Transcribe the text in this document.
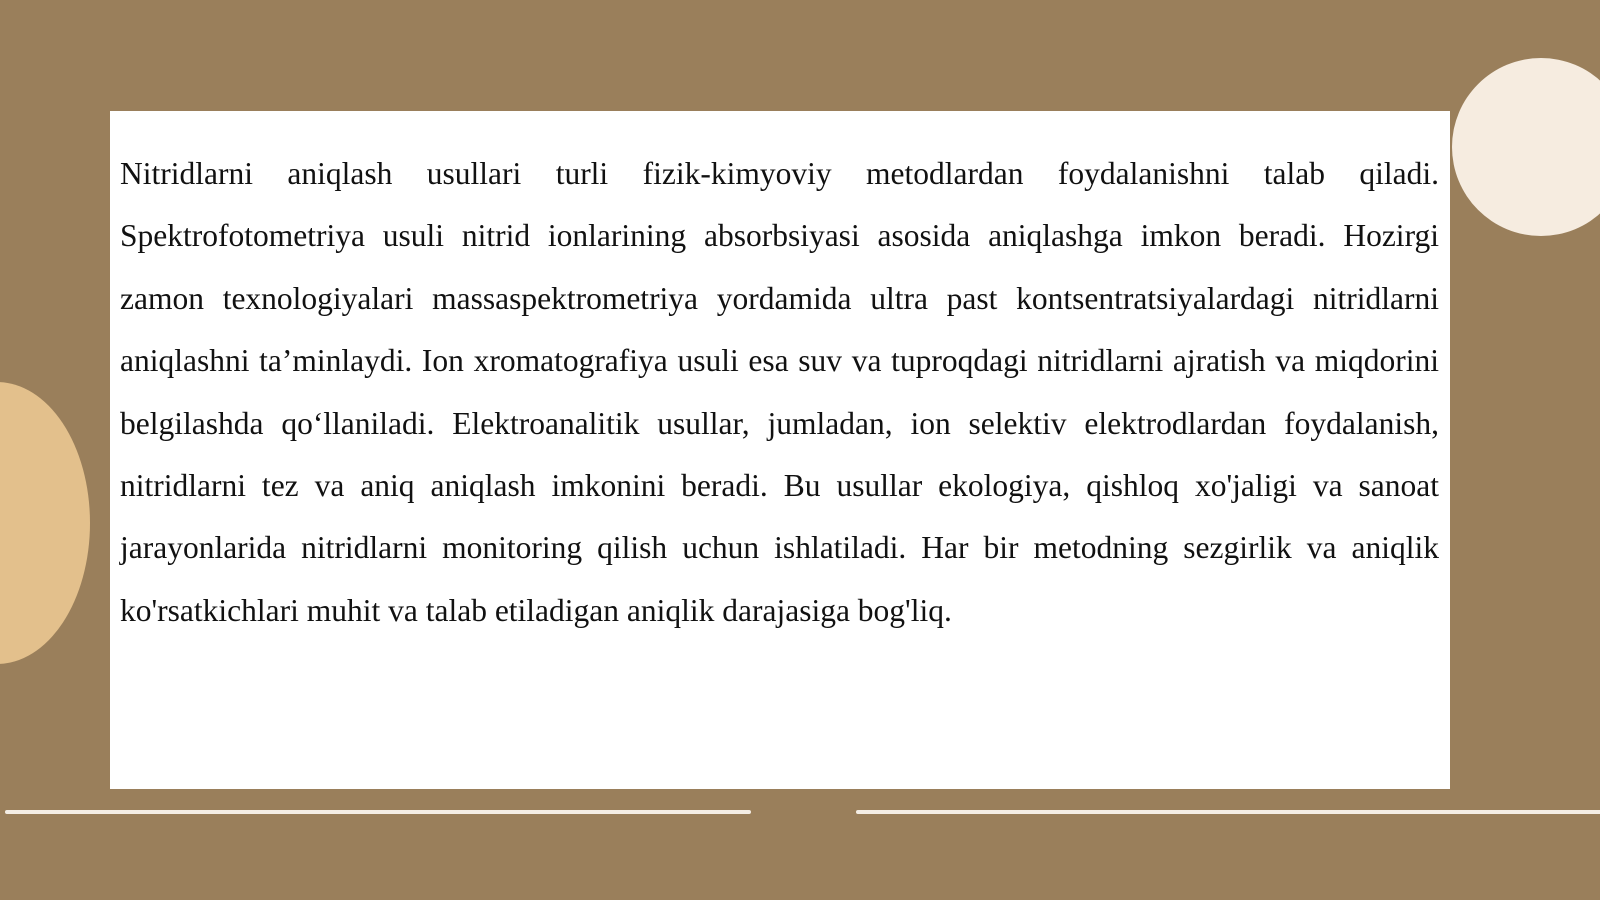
Nitridlarni aniqlash usullari turli fizik-kimyoviy metodlardan foydalanishni talab qiladi. Spektrofotometriya usuli nitrid ionlarining absorbsiyasi asosida aniqlashga imkon beradi. Hozirgi zamon texnologiyalari massaspektrometriya yordamida ultra past kontsentratsiyalardagi nitridlarni aniqlashni ta’minlaydi. Ion xromatografiya usuli esa suv va tuproqdagi nitridlarni ajratish va miqdorini belgilashda qo‘llaniladi. Elektroanalitik usullar, jumladan, ion selektiv elektrodlardan foydalanish, nitridlarni tez va aniq aniqlash imkonini beradi. Bu usullar ekologiya, qishloq xo'jaligi va sanoat jarayonlarida nitridlarni monitoring qilish uchun ishlatiladi. Har bir metodning sezgirlik va aniqlik ko'rsatkichlari muhit va talab etiladigan aniqlik darajasiga bog'liq.
